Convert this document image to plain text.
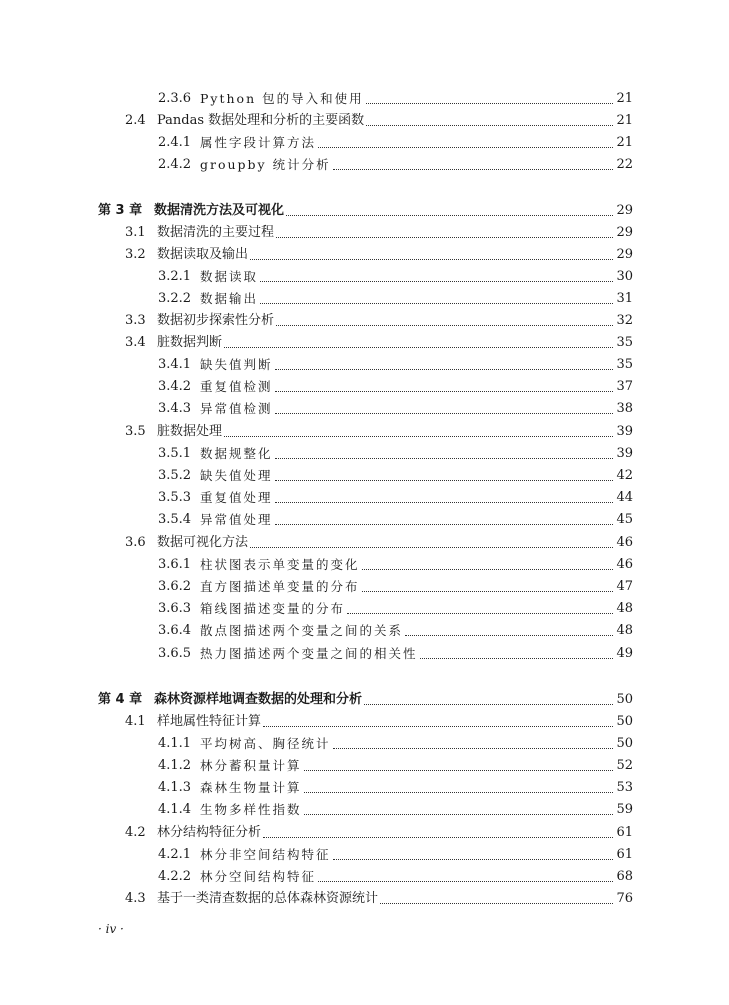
2.3.6 Python 包的导入和使用	21
2.4 Pandas 数据处理和分析的主要函数	21
2.4.1 属性字段计算方法	21
2.4.2 groupby 统计分析	22
第 3 章 数据清洗方法及可视化	29
3.1 数据清洗的主要过程	29
3.2 数据读取及输出	29
3.2.1 数据读取	30
3.2.2 数据输出	31
3.3 数据初步探索性分析	32
3.4 脏数据判断	35
3.4.1 缺失值判断	35
3.4.2 重复值检测	37
3.4.3 异常值检测	38
3.5 脏数据处理	39
3.5.1 数据规整化	39
3.5.2 缺失值处理	42
3.5.3 重复值处理	44
3.5.4 异常值处理	45
3.6 数据可视化方法	46
3.6.1 柱状图表示单变量的变化	46
3.6.2 直方图描述单变量的分布	47
3.6.3 箱线图描述变量的分布	48
3.6.4 散点图描述两个变量之间的关系	48
3.6.5 热力图描述两个变量之间的相关性	49
第 4 章 森林资源样地调查数据的处理和分析	50
4.1 样地属性特征计算	50
4.1.1 平均树高、胸径统计	50
4.1.2 林分蓄积量计算	52
4.1.3 森林生物量计算	53
4.1.4 生物多样性指数	59
4.2 林分结构特征分析	61
4.2.1 林分非空间结构特征	61
4.2.2 林分空间结构特征	68
4.3 基于一类清查数据的总体森林资源统计	76
· iv ·
